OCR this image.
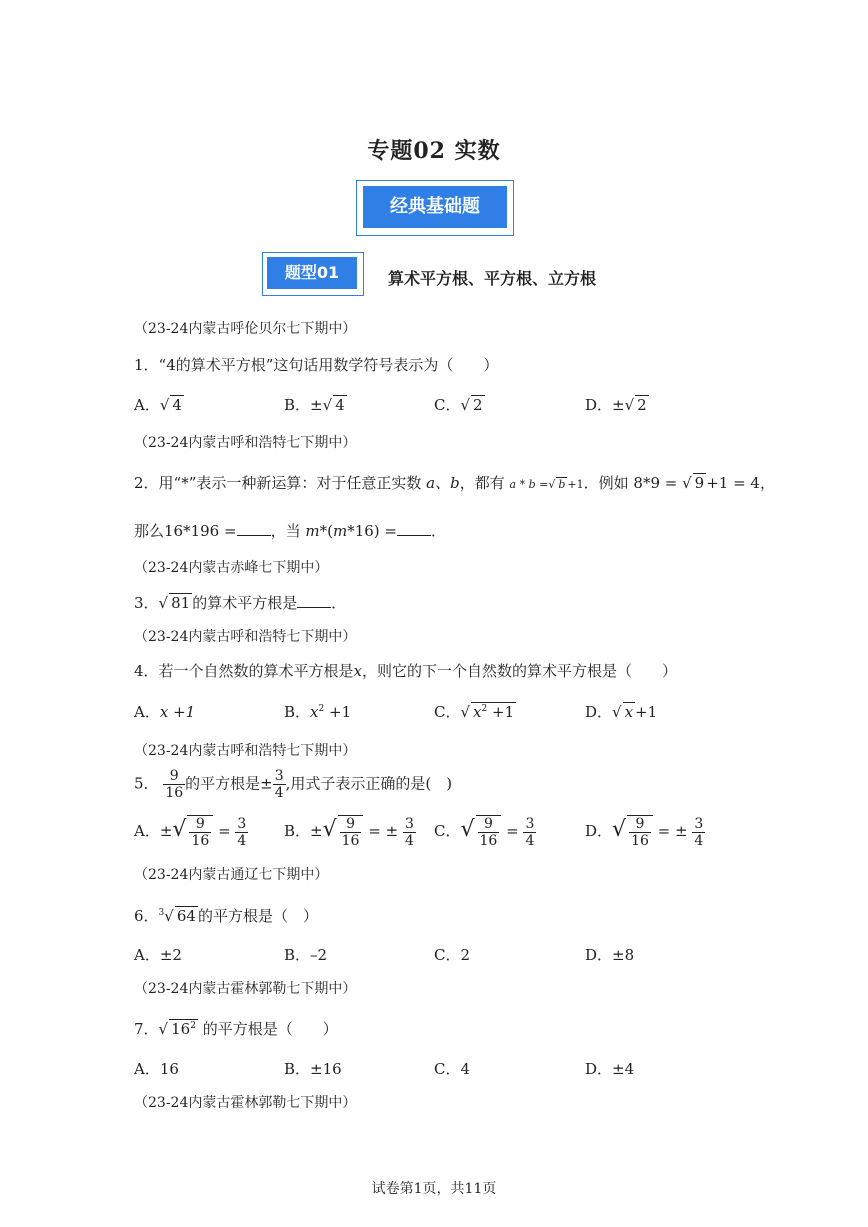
专题02 实数
经典基础题
题型01	算术平方根、平方根、立方根
（23-24内蒙古呼伦贝尔七下期中）
1．“4的算术平方根”这句话用数学符号表示为（　　）
A．√ 4	B．±√ 4	C．√ 2	D．±√ 2
（23-24内蒙古呼和浩特七下期中）
2．用“*”表示一种新运算：对于任意正实数 a、b，都有 a * b =√ b +1．例如 8*9 = √ 9 +1 = 4，
那么16*196 = ，当 m*(m*16) = ．
（23-24内蒙古赤峰七下期中）
3．√ 81 的算术平方根是 ．
（23-24内蒙古呼和浩特七下期中）
4．若一个自然数的算术平方根是x，则它的下一个自然数的算术平方根是（　　）
A．x +1	B．$x^2 +1$	C．√ $x^2 +1$	D．√ x +1
（23-24内蒙古呼和浩特七下期中）
5． $\frac{9}{16}$ 的平方根是± $\frac{3}{4}$ ,用式子表示正确的是(　)
A．±√ $\frac{9}{16} = \frac{3}{4}$ B．±√ $\frac{9}{16}$ = ± $\frac{3}{4}$ C．√ $\frac{9}{16} = \frac{3}{4}$	D．√ $\frac{9}{16}$ = ± $\frac{3}{4}$
（23-24内蒙古通辽七下期中）
6．$^3$√ 64 的平方根是（　）
A．±2	B．–2	C．2	D．±8
（23-24内蒙古霍林郭勒七下期中）
7．√ $16^2$ 的平方根是（　　）
A．16	B．±16	C．4	D．±4
（23-24内蒙古霍林郭勒七下期中）
试卷第1页，共11页
